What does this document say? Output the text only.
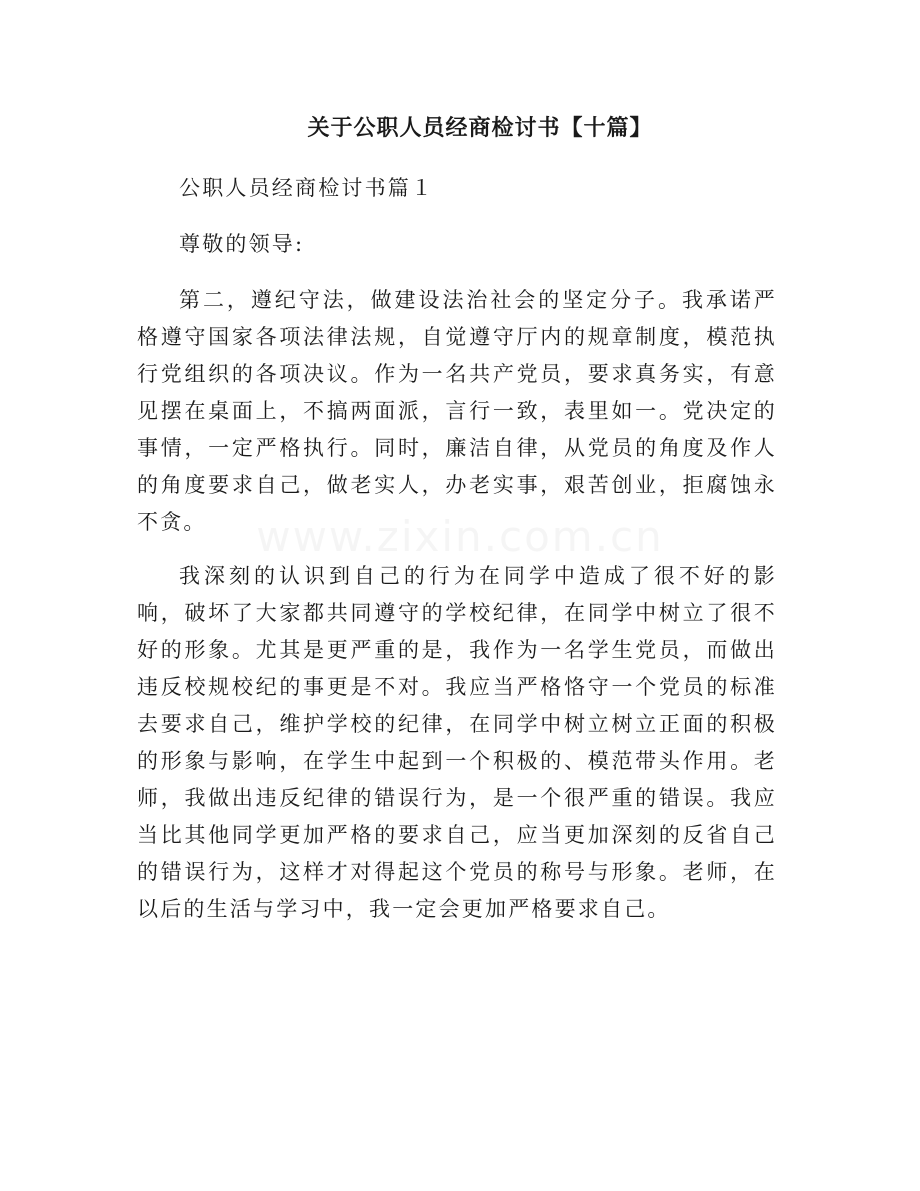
关于公职人员经商检讨书【十篇】

公职人员经商检讨书篇１

尊敬的领导:

第二，遵纪守法，做建设法治社会的坚定分子。我承诺严格遵守国家各项法律法规，自觉遵守厅内的规章制度，模范执行党组织的各项决议。作为一名共产党员，要求真务实，有意见摆在桌面上，不搞两面派，言行一致，表里如一。党决定的事情，一定严格执行。同时，廉洁自律，从党员的角度及作人的角度要求自己，做老实人，办老实事，艰苦创业，拒腐蚀永不贪。

我深刻的认识到自己的行为在同学中造成了很不好的影响，破坏了大家都共同遵守的学校纪律，在同学中树立了很不好的形象。尤其是更严重的是，我作为一名学生党员，而做出违反校规校纪的事更是不对。我应当严格恪守一个党员的标准去要求自己，维护学校的纪律，在同学中树立树立正面的积极的形象与影响，在学生中起到一个积极的、模范带头作用。老师，我做出违反纪律的错误行为，是一个很严重的错误。我应当比其他同学更加严格的要求自己，应当更加深刻的反省自己的错误行为，这样才对得起这个党员的称号与形象。老师，在以后的生活与学习中，我一定会更加严格要求自己。

www.zixin.com.cn
